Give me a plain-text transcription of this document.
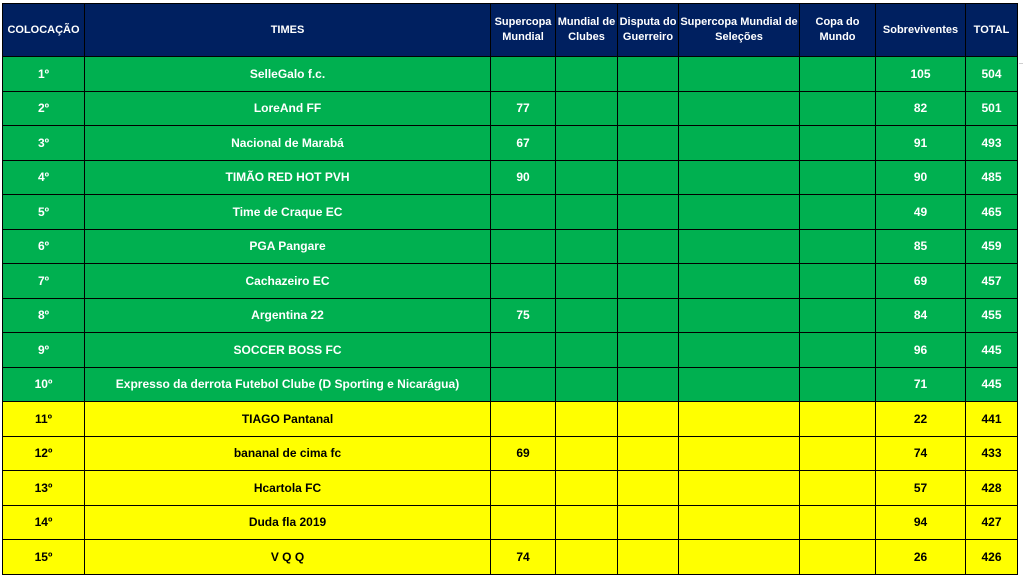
COLOCAÇÃO	TIMES	Supercopa Mundial	Mundial de Clubes	Disputa do Guerreiro	Supercopa Mundial de Seleções	Copa do Mundo	Sobreviventes	TOTAL
1º	SelleGalo f.c.						105	504
2º	LoreAnd FF	77					82	501
3º	Nacional de Marabá	67					91	493
4º	TIMÃO RED HOT PVH	90					90	485
5º	Time de Craque EC						49	465
6º	PGA Pangare						85	459
7º	Cachazeiro EC						69	457
8º	Argentina 22	75					84	455
9º	SOCCER BOSS FC						96	445
10º	Expresso da derrota Futebol Clube (D Sporting e Nicarágua)						71	445
11º	TIAGO Pantanal						22	441
12º	bananal de cima fc	69					74	433
13º	Hcartola FC						57	428
14º	Duda fla 2019						94	427
15º	V Q Q	74					26	426
